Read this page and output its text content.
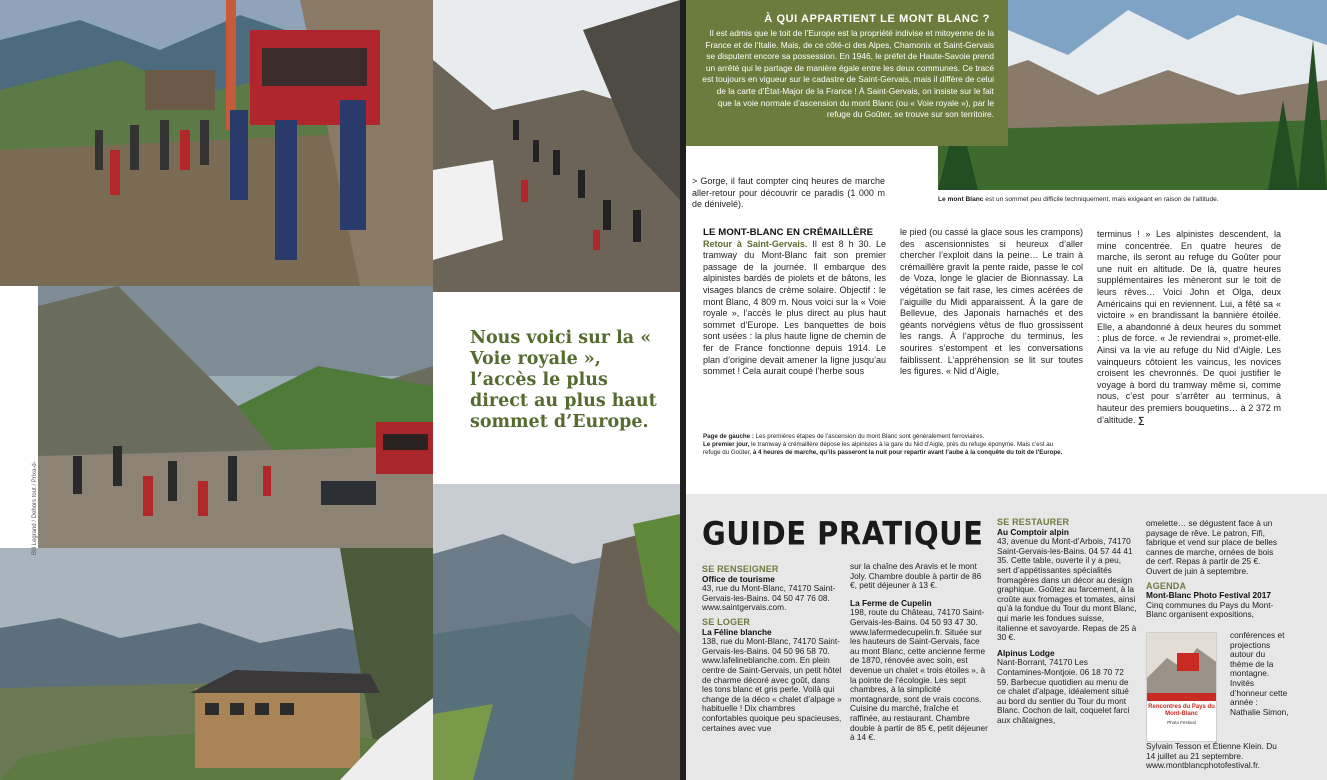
Bill Legrand / Dehors tout / Prixa-d-
Nous voici sur la « Voie royale », l’accès le plus direct au plus haut sommet d’Europe.
À QUI APPARTIENT LE MONT BLANC ?

Il est admis que le toit de l’Europe est la propriété indivise et mitoyenne de la France et de l’Italie. Mais, de ce côté-ci des Alpes, Chamonix et Saint-Gervais se disputent encore sa possession. En 1946, le préfet de Haute-Savoie prend un arrêté qui le partage de manière égale entre les deux communes. Ce tracé est toujours en vigueur sur le cadastre de Saint-Gervais, mais il diffère de celui de la carte d’État-Major de la France ! À Saint-Gervais, on insiste sur le fait que la voie normale d’ascension du mont Blanc (ou « Voie royale »), par le refuge du Goûter, se trouve sur son territoire.

Le mont Blanc est un sommet peu difficile techniquement, mais exigeant en raison de l’altitude.
> Gorge, il faut compter cinq heures de marche aller-retour pour découvrir ce paradis (1 000 m de dénivelé).
LE MONT-BLANC EN CRÉMAILLÈRE
Retour à Saint-Gervais. Il est 8 h 30. Le tramway du Mont-Blanc fait son premier passage de la journée. Il embarque des alpinistes bardés de piolets et de bâtons, les visages blancs de crème solaire. Objectif : le mont Blanc, 4 809 m. Nous voici sur la « Voie royale », l’accès le plus direct au plus haut sommet d’Europe. Les banquettes de bois sont usées : la plus haute ligne de chemin de fer de France fonctionne depuis 1914. Le plan d’origine devait amener la ligne jusqu’au sommet ! Cela aurait coupé l’herbe sous
le pied (ou cassé la glace sous les crampons) des ascensionnistes si heureux d’aller chercher l’exploit dans la peine… Le train à crémaillère gravit la pente raide, passe le col de Voza, longe le glacier de Bionnassay. La végétation se fait rase, les cimes acérées de l’aiguille du Midi apparaissent. À la gare de Bellevue, des Japonais harnachés et des géants norvégiens vêtus de fluo grossissent les rangs. À l’approche du terminus, les sourires s’estompent et les conversations faiblissent. L’appréhension se lit sur toutes les figures. « Nid d’Aigle,
terminus ! » Les alpinistes descendent, la mine concentrée. En quatre heures de marche, ils seront au refuge du Goûter pour une nuit en altitude. De là, quatre heures supplémentaires les mèneront sur le toit de leurs rêves… Voici John et Olga, deux Américains qui en reviennent. Lui, a fêté sa « victoire » en brandissant la bannière étoilée. Elle, a abandonné à deux heures du sommet : plus de force. « Je reviendrai », promet-elle. Ainsi va la vie au refuge du Nid d’Aigle. Les vainqueurs côtoient les vaincus, les novices croisent les chevronnés. De quoi justifier le voyage à bord du tramway même si, comme nous, c’est pour s’arrêter au terminus, à hauteur des premiers bouquetins… à 2 372 m d’altitude. ∑
Page de gauche : Les premières étapes de l’ascension du mont Blanc sont généralement ferroviaires.
Le premier jour, le tramway à crémaillère dépose les alpinistes à la gare du Nid d’Aigle, près du refuge éponyme. Mais c’est au refuge du Goûter, à 4 heures de marche, qu’ils passeront la nuit pour repartir avant l’aube à la conquête du toit de l’Europe.
GUIDE PRATIQUE
SE RENSEIGNER

Office de tourisme

43, rue du Mont-Blanc, 74170 Saint-Gervais-les-Bains. 04 50 47 76 08. www.saintgervais.com.

SE LOGER

La Féline blanche

138, rue du Mont-Blanc, 74170 Saint-Gervais-les-Bains. 04 50 96 58 70. www.lafelineblanche.com. En plein centre de Saint-Gervais, un petit hôtel de charme décoré avec goût, dans les tons blanc et gris perle. Voilà qui change de la déco « chalet d’alpage » habituelle ! Dix chambres confortables quoique peu spacieuses, certaines avec vue

sur la chaîne des Aravis et le mont Joly. Chambre double à partir de 86 €, petit déjeuner à 13 €.

La Ferme de Cupelin

198, route du Château, 74170 Saint-Gervais-les-Bains. 04 50 93 47 30. www.lafermedecupelin.fr. Située sur les hauteurs de Saint-Gervais, face au mont Blanc, cette ancienne ferme de 1870, rénovée avec soin, est devenue un chalet « trois étoiles », à la pointe de l’écologie. Les sept chambres, à la simplicité montagnarde, sont de vrais cocons. Cuisine du marché, fraîche et raffinée, au restaurant. Chambre double à partir de 85 €, petit déjeuner à 14 €.

SE RESTAURER

Au Comptoir alpin

43, avenue du Mont-d’Arbois, 74170 Saint-Gervais-les-Bains. 04 57 44 41 35. Cette table, ouverte il y a peu, sert d’appétissantes spécialités fromagères dans un décor au design graphique. Goûtez au farcement, à la croûte aux fromages et tomates, ainsi qu’à la fondue du Tour du mont Blanc, qui marie les fondues suisse, italienne et savoyarde. Repas de 25 à 30 €.

Alpinus Lodge

Nant-Borrant, 74170 Les Contamines-Montjoie. 06 18 70 72 59. Barbecue quotidien au menu de ce chalet d’alpage, idéalement situé au bord du sentier du Tour du mont Blanc. Cochon de lait, coquelet farci aux châtaignes,

omelette… se dégustent face à un paysage de rêve. Le patron, Fifi, fabrique et vend sur place de belles cannes de marche, ornées de bois de cerf. Repas à partir de 25 €. Ouvert de juin à septembre.

AGENDA

Mont-Blanc Photo Festival 2017

Cinq communes du Pays du Mont-Blanc organisent expositions,

Rencontres du Pays du Mont-Blanc
Photo Festival
conférences et projections autour du thème de la montagne. Invités d’honneur cette année : Nathalie Simon,
Sylvain Tesson et Étienne Klein. Du 14 juillet au 21 septembre. www.montblancphotofestival.fr.
